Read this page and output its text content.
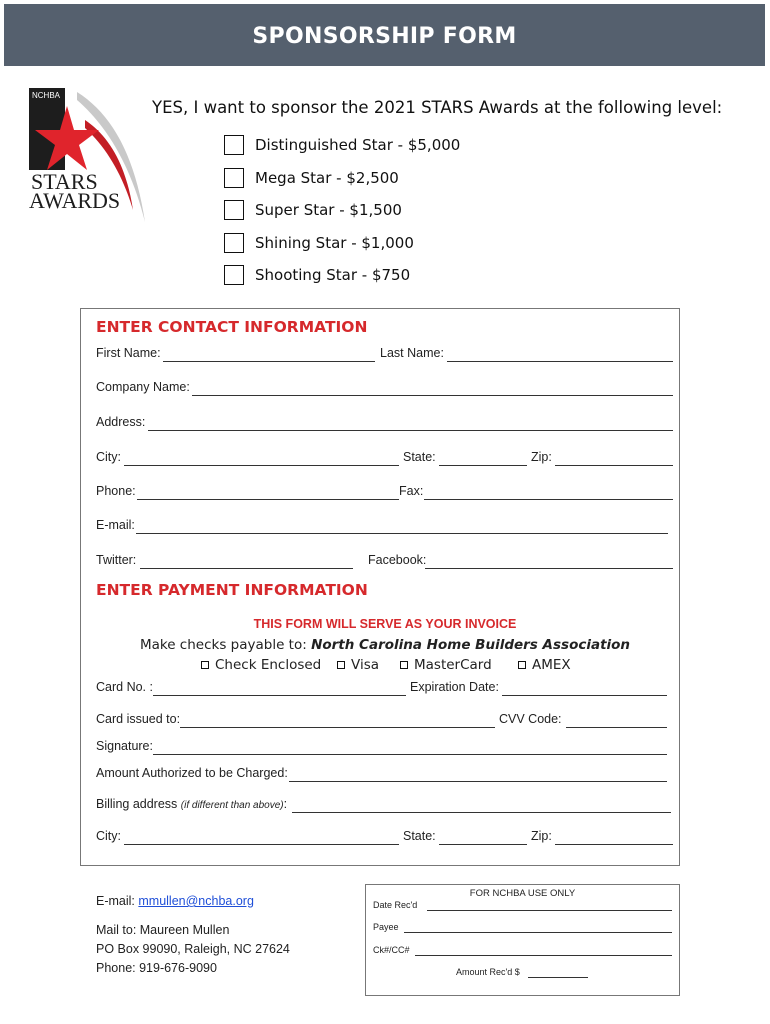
SPONSORSHIP FORM
NCHBA
STARS
AWARDS
YES, I want to sponsor the 2021 STARS Awards at the following level:
Distinguished Star - $5,000
Mega Star - $2,500
Super Star - $1,500
Shining Star - $1,000
Shooting Star - $750
ENTER CONTACT INFORMATION
First Name:	Last Name:
Company Name:
Address:
City:	State:	Zip:
Phone:	Fax:
E-mail:
Twitter:	Facebook:
ENTER PAYMENT INFORMATION
THIS FORM WILL SERVE AS YOUR INVOICE
Make checks payable to: North Carolina Home Builders Association
Check Enclosed Visa	MasterCard	AMEX
Card No. :	Expiration Date:
Card issued to:	CVV Code:
Signature:
Amount Authorized to be Charged:
Billing address (if different than above):
City:	State:	Zip:
E-mail: mmullen@nchba.org
Mail to: Maureen Mullen
PO Box 99090, Raleigh, NC 27624
Phone: 919-676-9090
FOR NCHBA USE ONLY
Date Rec'd
Payee
Ck#/CC#
Amount Rec'd $
